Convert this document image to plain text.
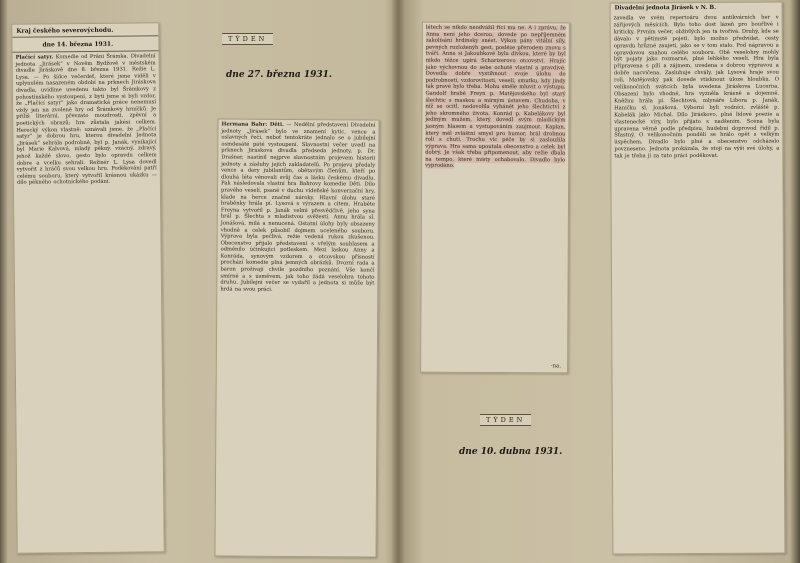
Kraj českého severovýchodu.
dne 14. března 1931.
Plačící satyr. Komedie od Prâni Šrámka. Divadelní jednota „Jirásek“ v Nověm Bydžově v městském divadle Jiráskově dne 8. března 1931. Režie L. Lysa. — Po šídce večerdeť, které jsme viděli v uplynulém nasazeném období na prknech Jiráskova divadla, uvidíme uvedenu takto byl Šrámkovy z pohostinského vystoupení, z bytí jsme si byli vzdor, že „Plačící satyr“ jako dramatická práce nenemusí vždy jen na zvolené hry od Šrámkovy hrníčků. Je příliš literární, převzato moudrosti, zpěvní a poetických obrazů; hra zůstala jakési celkem. Herecký výkon vlastně: uznávali jsme, že „Plačící satyr“ je dobrou hru, kterou divadelní Jednota „Jirásek“ sehrála podrobně, byl p. Janák, vynikající byl Marie Kalvová, mladý pěkný, vzácný, zdravý, jehož každé slovo, gesto bylo opravdu celkem dobre a vcelku sehrali. Režisér L. Lysa dovedl vytvořit z hráčů svou velkou hru. Poděkování patří celému souboru, který vytvořil krásnou ukázku — dílo pěkného ochotnického podání.
TÝDEN
dne 27. března 1931.
Hermana Bahr: Děti. — Nedělní představení Divadelní jednoty „Jirásek“ bylo ve znamení kytic, vence a oslavných řečí, neboť tentokráte jednalo se o jubilejní osmdesáté páté vystoupení. Slavnostní večer uvedl na prknech Jiráskova divadla předseda jednoty, p. Dr. Drašner, nastínil nejprve slavnostním projevem historii jednoty a zásluhy jejích zakladatelů. Po projevu předaly vence a dary jubilantům, obětavým členům, kteří po dlouhá léta věnovali svůj čas a lásku českému divadlu. Pak následovala vlastní hra Bahrovy komedie Děti. Dílo pravého veselí, psané v duchu vídeňské konverzační hry, klade na herce značné nároky. Hlavní úlohu staré hraběnky hrála pí. Lysová s výrazem a citem. Hraběte Freyna vytvořil p. Janák velmi přesvědčivě, jeho syna hrál p. Šlechta s mladistvou svěžestí. Annu hrála sl. Jonášová, milá a nenucená. Ostatní úlohy byly obsazeny vhodně a celek působil dojmem uceleného souboru. Výprava byla pečlivá, režie vedená rukou zkušenou. Obecenstvo přijalo představení s vřelým souhlasem a odměnilo účinkující potleskem. Mezi laskou Anny a Konráda, synovým vzdorem a otcovskou přísností prochází komedie plná jemných obrázků. Dvorní rada a baron prožívají chvíle pozdního poznání. Vše končí smírně a s úsměvem, jak toho žádá veselohra tohoto druhu. Jubilejní večer se vydařil a jednota si může být hrdá na svou práci.
létech se nikdo neodvážil říci mu ne. A i zprávu, že Anna není jeho dcerou, dovede po nepříjemném zakolísání hrdinsky snést. Výkon pány vitální síly, pevných rozloženýh gest, posléze přerodem znovu s tváří. Anna si Jakoubkové byla dívkou, které by byl nikdo těžce upírá Scharizerovo otcovství. Hrajíc jako výchovnou do sebe ochutě vlastní a pravdivé. Dovedla dobře vystihnout svoje úlohu do podrobností, vzdorovitosti, veselí, smutku, kdy jindy tak pravé bylo třeba. Mohu směle mluvit o výstupu. Gandolf hrabě Freyn p. Matějovského byl starý šlechtic s maskou a mírným ústavem. Chudoba, v níž se ocitl, nedovolila vyhánět jeho šlechtictví z jeho skromného života. Konrád p. Kabelákovy byl jediným mužem, který dovedl svým mladickým jasným hlasem a vystupováním zaujmout. Kaplan, který měl zvláštní smysl pro humor, hrál drobnou roli s chutí. Trochu víc péče by si zasloužila výprava. Hra sama upoutala obecenstvo a celek byl dobrý. Je však třeba připomenout, aby režie dbala na tempo, které místy ochabovalo. Divadlo bylo vyprodáno.
-na.
TÝDEN
dne 10. dubna 1931.
Divadelní jednota Jirásek v N. B.
zavedla ve svém repertoáru dvou antikvárních her v zářijových měsících. Bylo toho dost lázeň pro bouřlivé i kriticky. Prvním večer, obživlých jen ta tvořivá. Druhý, kde se dávalo v pětimsté pojetí, bylo možno předvídat, cesty opravdu hrůzné zaujetí, jako se v tom stalo. Pod nápravou a opravdovou snahou celého souboru. Obě veselohry mohly být pojaty jako rozmarné, plné lehkého veselí. Hra byla připravena s pílí a zájmem, uvedena s dobrou výpravou a dobře nacvičena. Zasluhuje chvály, jak Lysová hraje svou roli, Matějovský pak dovede vtisknout úloze hloubku. O velikonočních svátcích byla uvedena Jiráskova Lucerna. Obsazení bylo vhodné, hra vyzněla krásně a dojemně. Kněžnu hrála pí. Šlechtová, mlynáře Libora p. Janák, Haničku sl. Jonášová. Výborní byli vodníci, zvláště p. Kabelák jako Michal. Dílo Jiráskovo, plné lidové poezie a vlastenecké víry, bylo přijato s nadšením. Scéna byla upravena věrně podle předpisu, hudební doprovod řídil p. Šťastný. O velikonočním pondělí se hrálo opět s velkým úspěchem. Divadlo bylo plné a obecenstvo odcházelo povzneseno. Jednota prokázala, že stojí na výši své úlohy, a tak je třeba jí za tuto práci poděkovat.
